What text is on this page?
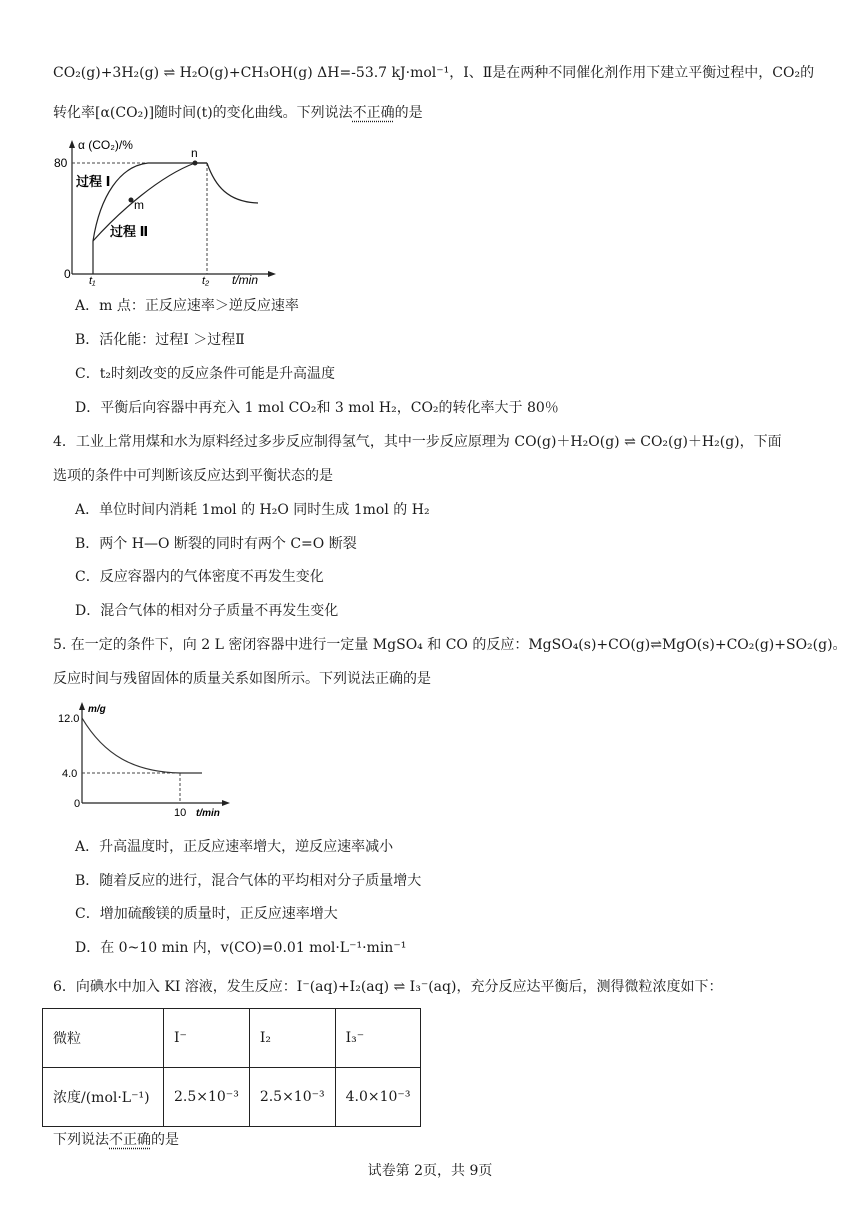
CO₂(g)+3H₂(g) ⇌ H₂O(g)+CH₃OH(g) ΔH=-53.7 kJ·mol⁻¹，Ⅰ、Ⅱ是在两种不同催化剂作用下建立平衡过程中，CO₂的
转化率[α(CO₂)]随时间(t)的变化曲线。下列说法不正确的是
α (CO₂)/%
80
0 t₁	t₂ t/min
n
m
过程 Ⅰ
过程 Ⅱ
A．m 点：正反应速率＞逆反应速率
B．活化能：过程Ⅰ ＞过程Ⅱ
C．t₂时刻改变的反应条件可能是升高温度
D．平衡后向容器中再充入 1 mol CO₂和 3 mol H₂，CO₂的转化率大于 80％
4．工业上常用煤和水为原料经过多步反应制得氢气，其中一步反应原理为 CO(g)＋H₂O(g) ⇌ CO₂(g)＋H₂(g)，下面
选项的条件中可判断该反应达到平衡状态的是
A．单位时间内消耗 1mol 的 H₂O 同时生成 1mol 的 H₂
B．两个 H—O 断裂的同时有两个 C=O 断裂
C．反应容器内的气体密度不再发生变化
D．混合气体的相对分子质量不再发生变化
5. 在一定的条件下，向 2 L 密闭容器中进行一定量 MgSO₄ 和 CO 的反应：MgSO₄(s)+CO(g)⇌MgO(s)+CO₂(g)+SO₂(g)。
反应时间与残留固体的质量关系如图所示。下列说法正确的是
m/g
12.0
4.0
0
10 t/min
A．升高温度时，正反应速率增大，逆反应速率减小
B．随着反应的进行，混合气体的平均相对分子质量增大
C．增加硫酸镁的质量时，正反应速率增大
D．在 0~10 min 内，v(CO)=0.01 mol·L⁻¹·min⁻¹
6．向碘水中加入 KI 溶液，发生反应：I⁻(aq)+I₂(aq) ⇌ I₃⁻(aq)，充分反应达平衡后，测得微粒浓度如下：
微粒	I⁻	I₂	I₃⁻
浓度/(mol·L⁻¹)	2.5×10⁻³	2.5×10⁻³	4.0×10⁻³
下列说法不正确的是
试卷第 2页，共 9页
